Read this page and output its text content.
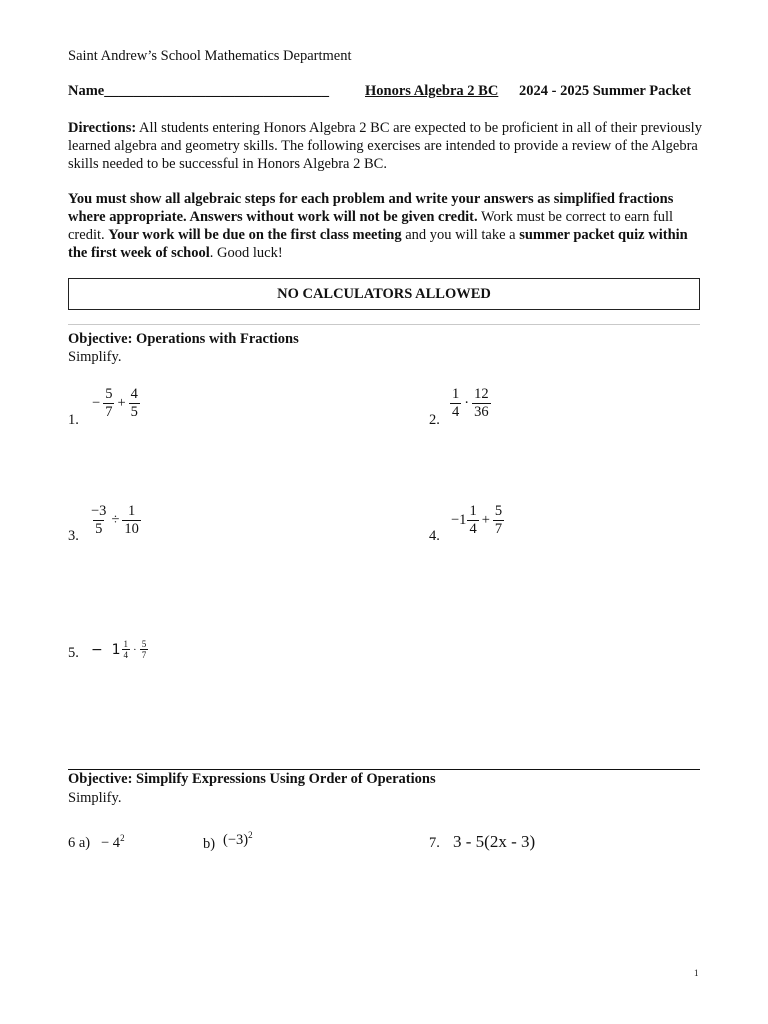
Saint Andrew’s School Mathematics Department
Name_______________________________ Honors Algebra 2 BC 2024 - 2025 Summer Packet
Directions: All students entering Honors Algebra 2 BC are expected to be proficient in all of their previously learned algebra and geometry skills. The following exercises are intended to provide a review of the Algebra skills needed to be successful in Honors Algebra 2 BC.
You must show all algebraic steps for each problem and write your answers as simplified fractions where appropriate. Answers without work will not be given credit. Work must be correct to earn full credit. Your work will be due on the first class meeting and you will take a summer packet quiz within the first week of school. Good luck!
NO CALCULATORS ALLOWED
Objective: Operations with Fractions
Simplify.
1.
− $\frac{5}{7} + \frac{4}{5}$	2. $\frac{1}{4} \cdot \frac{12}{36}$
3. $\frac{-3}{5} \div \frac{1}{10}$	4.
$-1 \frac{1}{4} + \frac{5}{7}$
5. −  $1 \frac{1}{4} \cdot \frac{5}{7}$
Objective: Simplify Expressions Using Order of Operations
Simplify.
6 $a) - 4^2$	b) $(-3)^2$	7. 3 - 5(2x - 3)
1
